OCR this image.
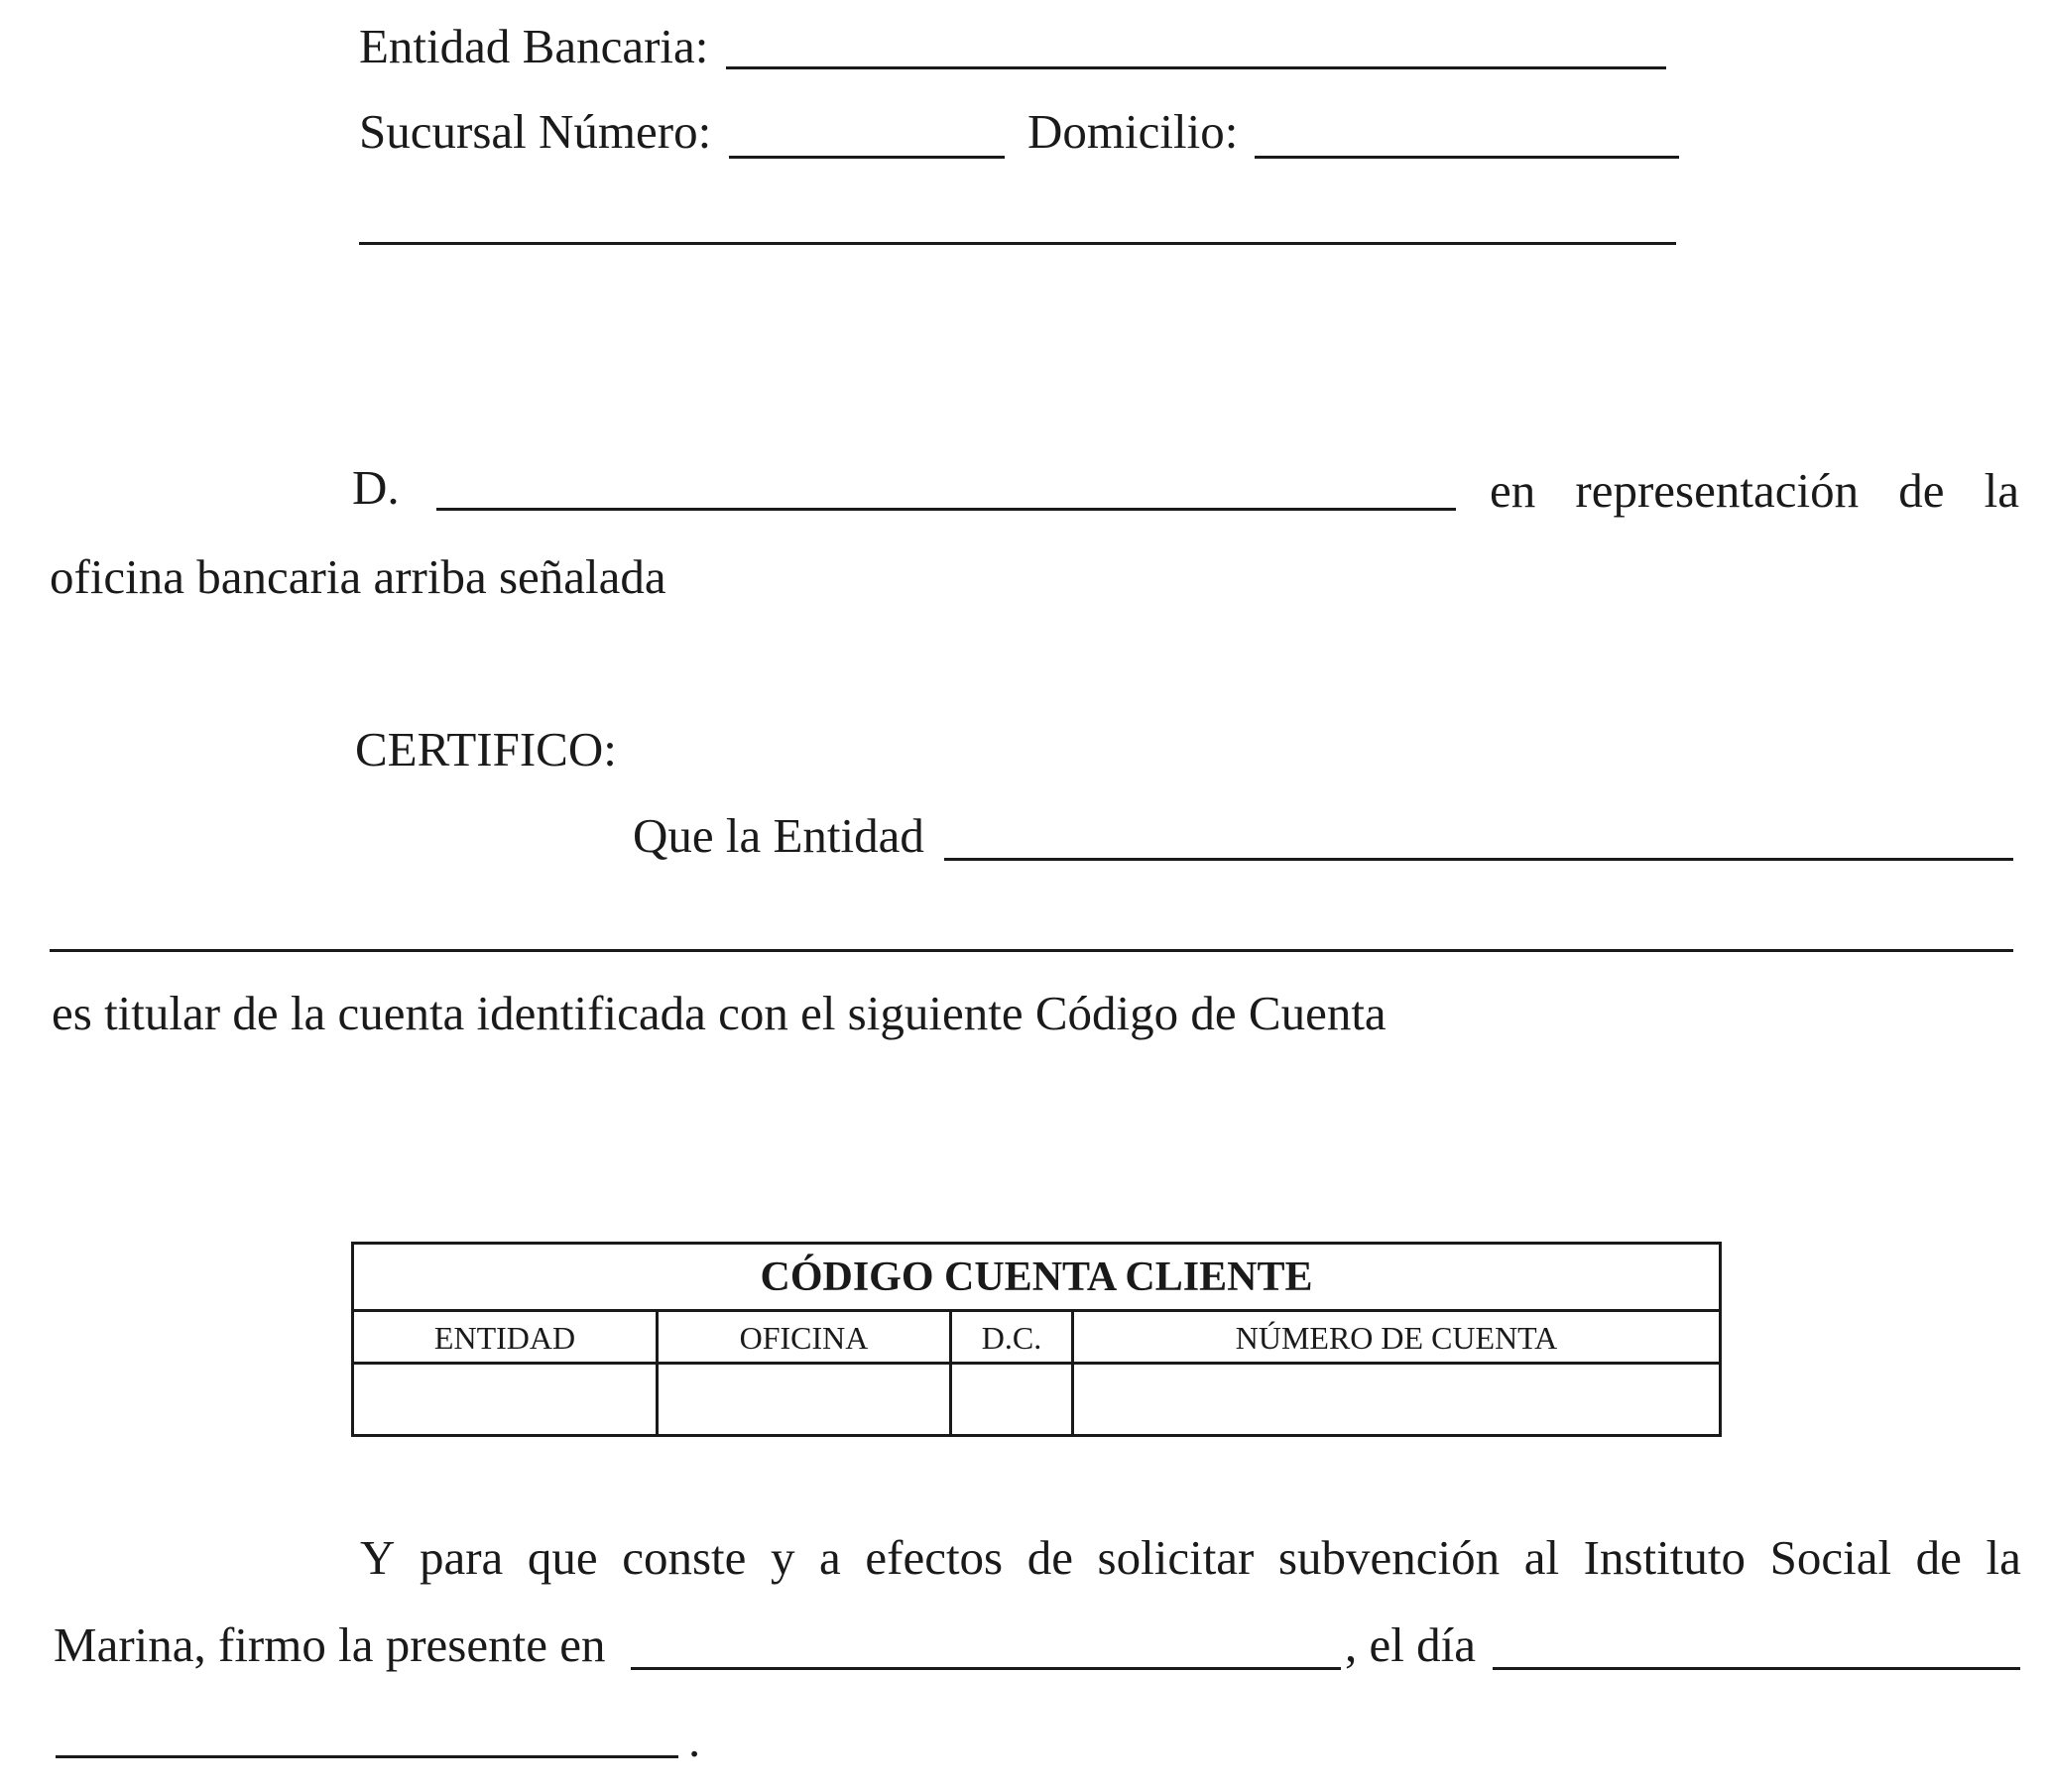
Entidad Bancaria:
Sucursal Número:	Domicilio:
D.	en representación de la
oficina bancaria arriba señalada
CERTIFICO:
Que la Entidad
es titular de la cuenta identificada con el siguiente Código de Cuenta
CÓDIGO CUENTA CLIENTE
ENTIDAD	OFICINA	D.C.	NÚMERO DE CUENTA
Y para que conste y a efectos de solicitar subvención al Instituto Social de la
Marina, firmo la presente en	, el día
.
